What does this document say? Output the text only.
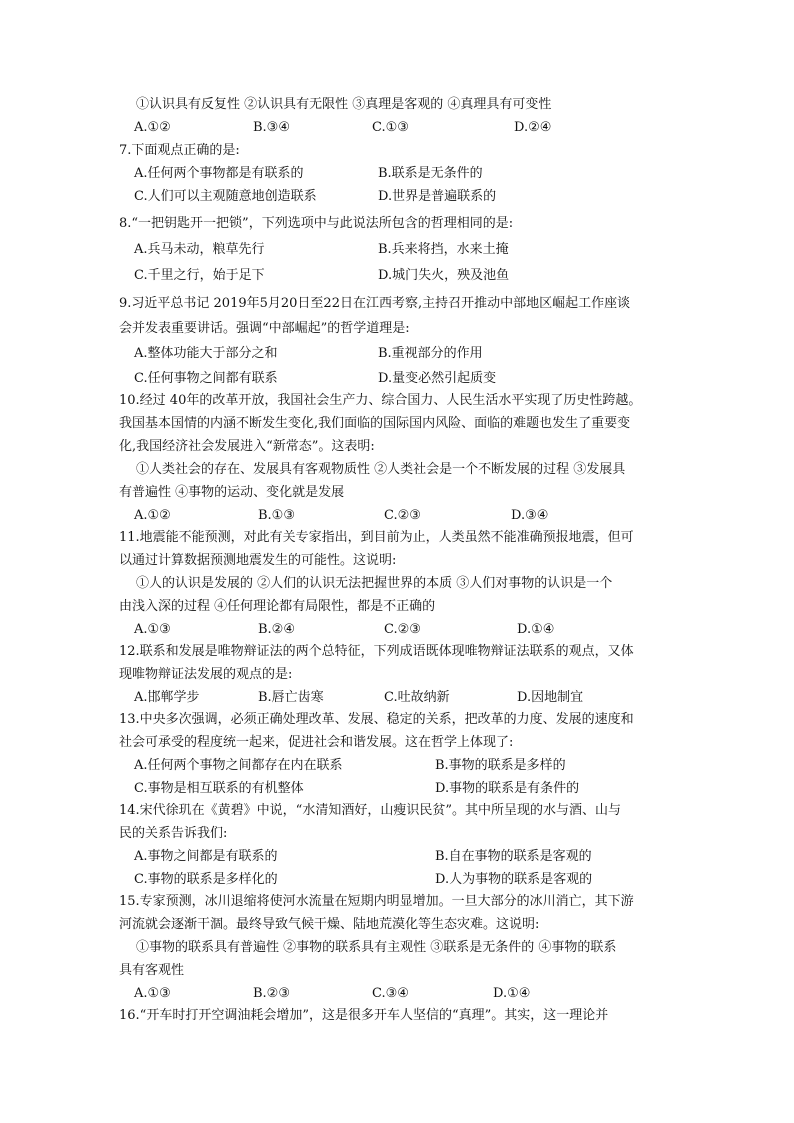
①认识具有反复性 ②认识具有无限性 ③真理是客观的 ④真理具有可变性
A.①②	B.③④	C.①③	D.②④
7.下面观点正确的是:
A.任何两个事物都是有联系的	B.联系是无条件的
C.人们可以主观随意地创造联系	D.世界是普遍联系的
8.“一把钥匙开一把锁”，下列选项中与此说法所包含的哲理相同的是:
A.兵马未动，粮草先行	B.兵来将挡，水来土掩
C.千里之行，始于足下	D.城门失火，殃及池鱼
9.习近平总书记 2019年5月20日至22日在江西考察,主持召开推动中部地区崛起工作座谈
会并发表重要讲话。强调“中部崛起”的哲学道理是:
A.整体功能大于部分之和	B.重视部分的作用
C.任何事物之间都有联系	D.量变必然引起质变
10.经过 40年的改革开放，我国社会生产力、综合国力、人民生活水平实现了历史性跨越。
我国基本国情的内涵不断发生变化,我们面临的国际国内风险、面临的难题也发生了重要变
化,我国经济社会发展进入“新常态”。这表明:
①人类社会的存在、发展具有客观物质性 ②人类社会是一个不断发展的过程 ③发展具
有普遍性 ④事物的运动、变化就是发展
A.①②	B.①③	C.②③	D.③④
11.地震能不能预测，对此有关专家指出，到目前为止，人类虽然不能准确预报地震，但可
以通过计算数据预测地震发生的可能性。这说明:
①人的认识是发展的 ②人们的认识无法把握世界的本质 ③人们对事物的认识是一个
由浅入深的过程 ④任何理论都有局限性，都是不正确的
A.①③	B.②④	C.②③	D.①④
12.联系和发展是唯物辩证法的两个总特征，下列成语既体现唯物辩证法联系的观点，又体
现唯物辩证法发展的观点的是:
A.邯郸学步	B.唇亡齿寒	C.吐故纳新	D.因地制宜
13.中央多次强调，必须正确处理改革、发展、稳定的关系，把改革的力度、发展的速度和
社会可承受的程度统一起来，促进社会和谐发展。这在哲学上体现了:
A.任何两个事物之间都存在内在联系	B.事物的联系是多样的
C.事物是相互联系的有机整体	D.事物的联系是有条件的
14.宋代徐玑在《黄碧》中说，“水清知酒好，山瘦识民贫”。其中所呈现的水与酒、山与
民的关系告诉我们:
A.事物之间都是有联系的	B.自在事物的联系是客观的
C.事物的联系是多样化的	D.人为事物的联系是客观的
15.专家预测，冰川退缩将使河水流量在短期内明显增加。一旦大部分的冰川消亡，其下游
河流就会逐渐干涸。最终导致气候干燥、陆地荒漠化等生态灾难。这说明:
①事物的联系具有普遍性 ②事物的联系具有主观性 ③联系是无条件的 ④事物的联系
具有客观性
A.①③	B.②③	C.③④	D.①④
16.“开车时打开空调油耗会增加”，这是很多开车人坚信的“真理”。其实，这一理论并
